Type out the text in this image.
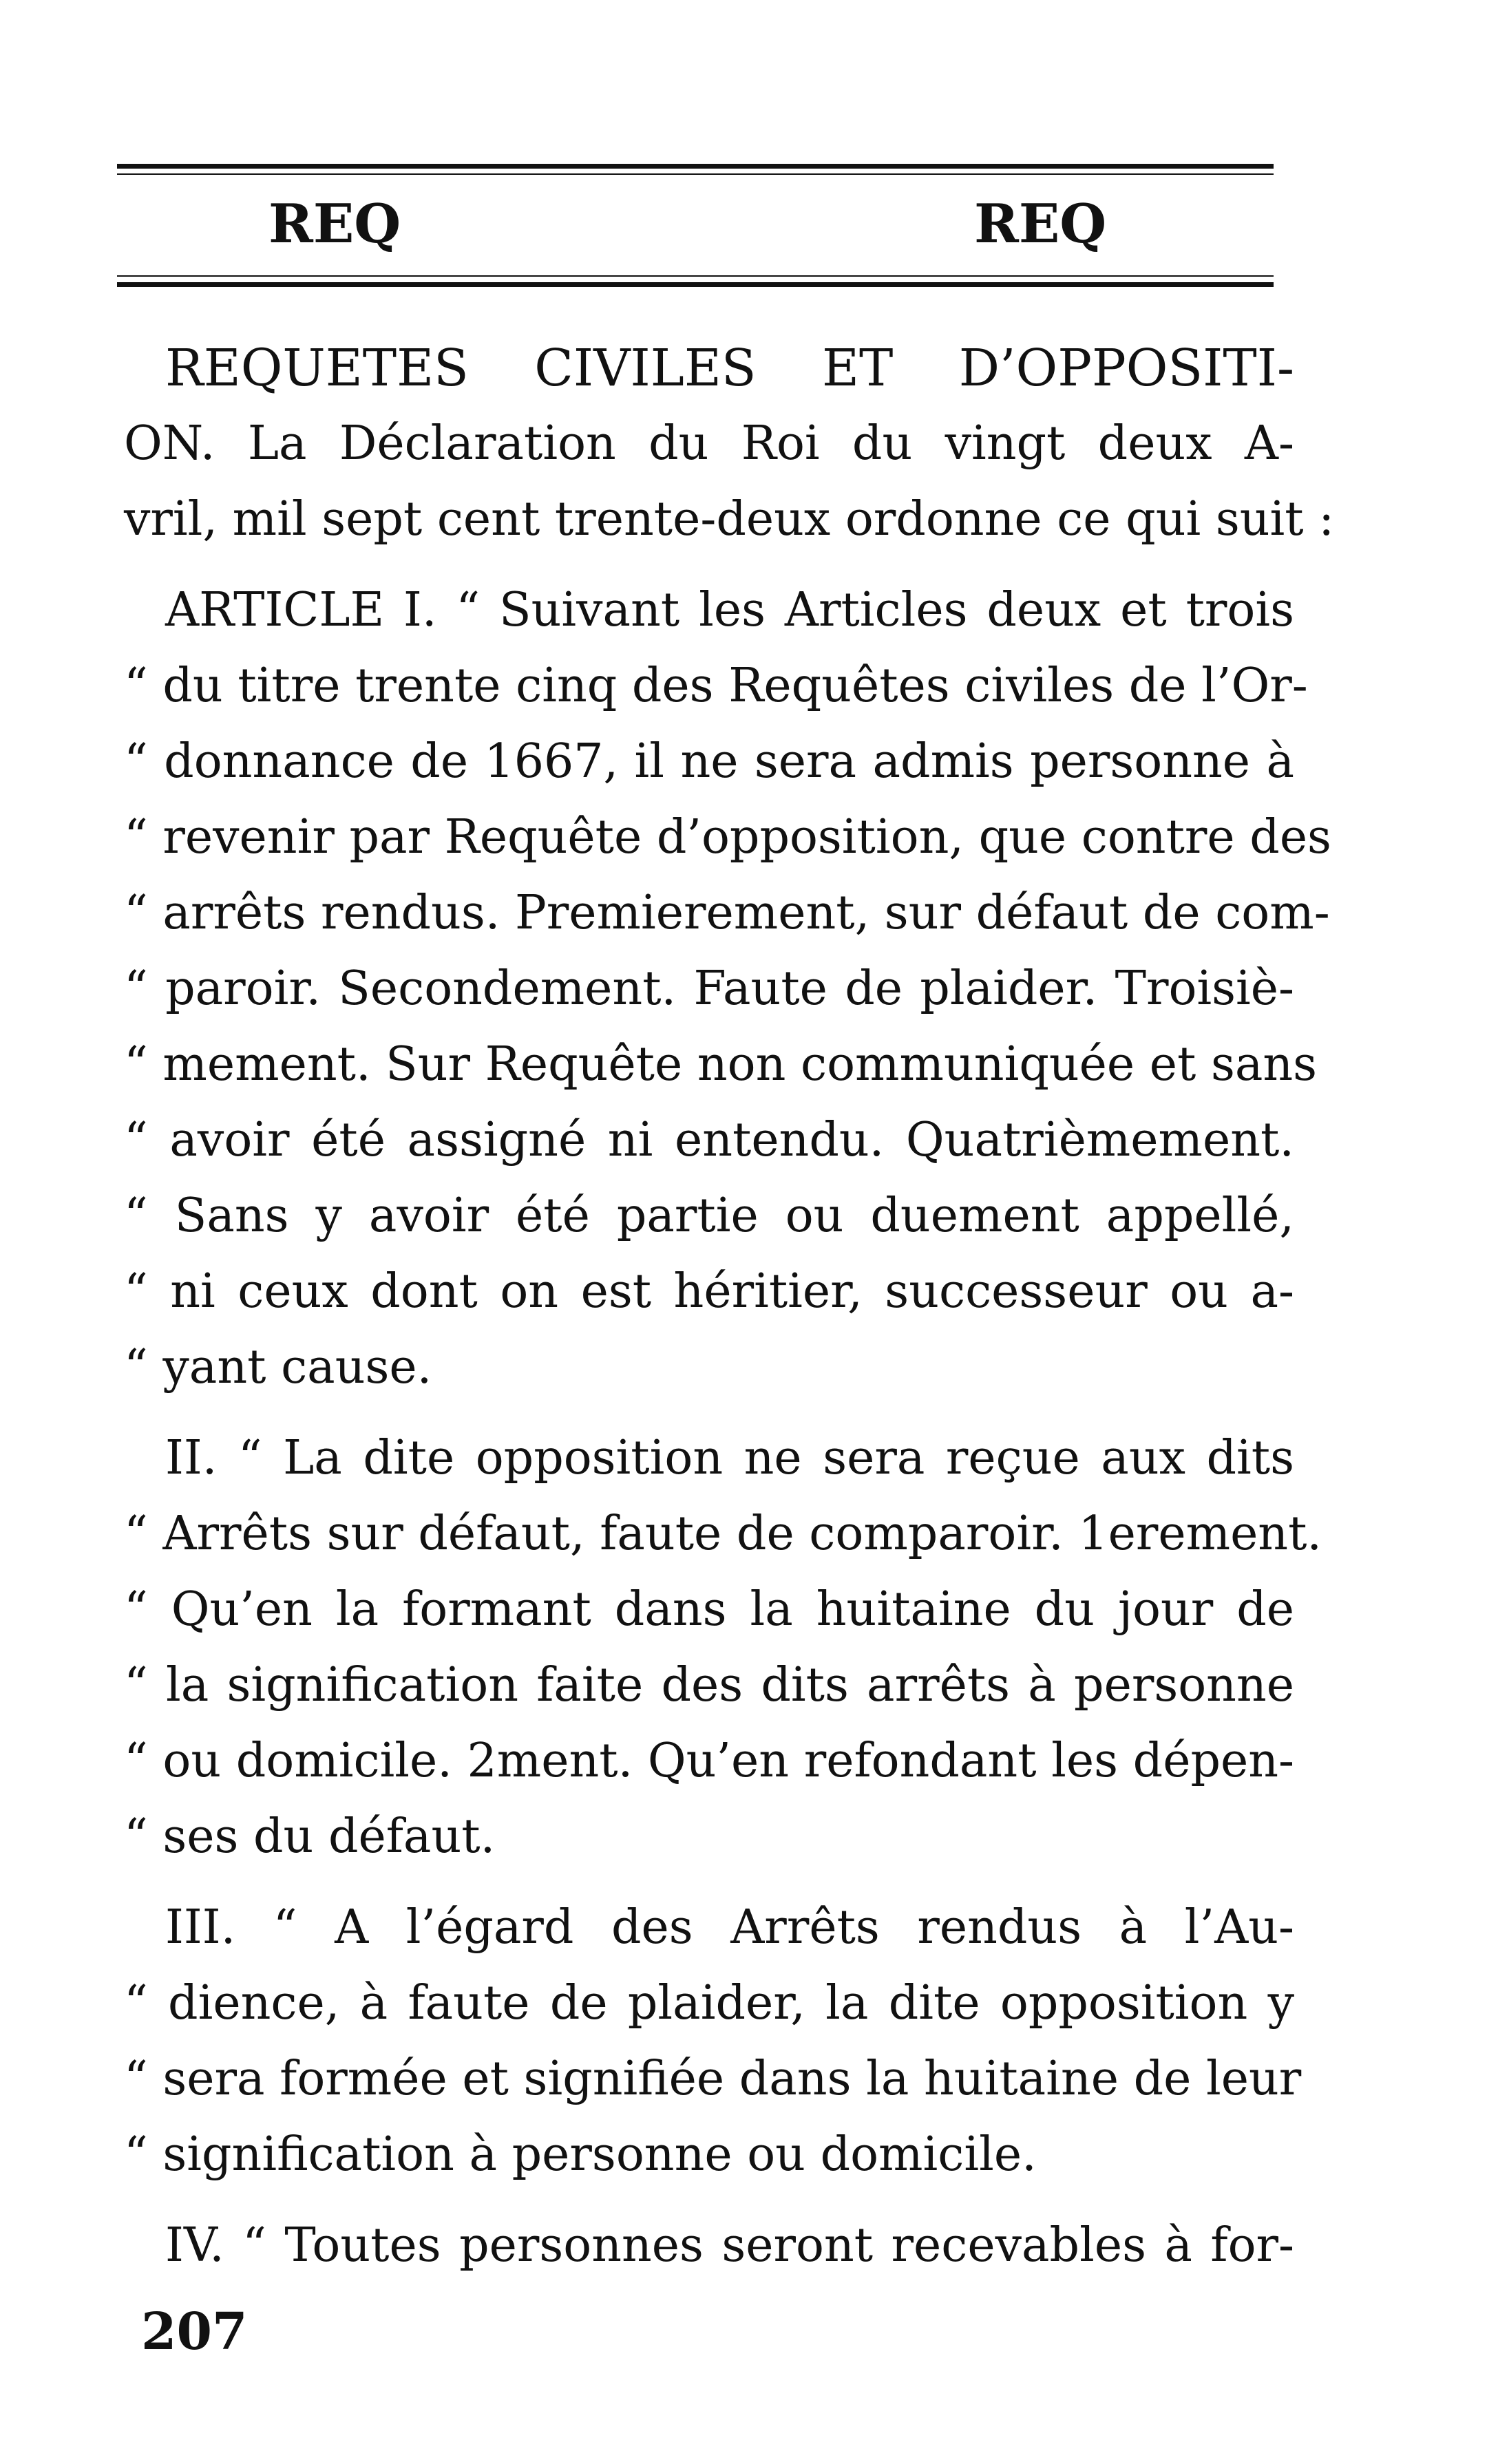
REQ	REQ
REQUETES CIVILES ET D’OPPOSITI-
ON. La Déclaration du Roi du vingt deux A-
vril, mil sept cent trente-deux ordonne ce qui suit :
ARTICLE I. “ Suivant les Articles deux et trois
“ du titre trente cinq des Requêtes civiles de l’Or-
“ donnance de 1667, il ne sera admis personne à
“ revenir par Requête d’opposition, que contre des
“ arrêts rendus. Premierement, sur défaut de com-
“ paroir. Secondement. Faute de plaider. Troisiè-
“ mement. Sur Requête non communiquée et sans
“ avoir été assigné ni entendu. Quatrièmement.
“ Sans y avoir été partie ou duement appellé,
“ ni ceux dont on est héritier, successeur ou a-
“ yant cause.
II. “ La dite opposition ne sera reçue aux dits
“ Arrêts sur défaut, faute de comparoir. 1erement.
“ Qu’en la formant dans la huitaine du jour de
“ la signification faite des dits arrêts à personne
“ ou domicile. 2ment. Qu’en refondant les dépen-
“ ses du défaut.
III. “ A l’égard des Arrêts rendus à l’Au-
“ dience, à faute de plaider, la dite opposition y
“ sera formée et signifiée dans la huitaine de leur
“ signification à personne ou domicile.
IV. “ Toutes personnes seront recevables à for-
207
